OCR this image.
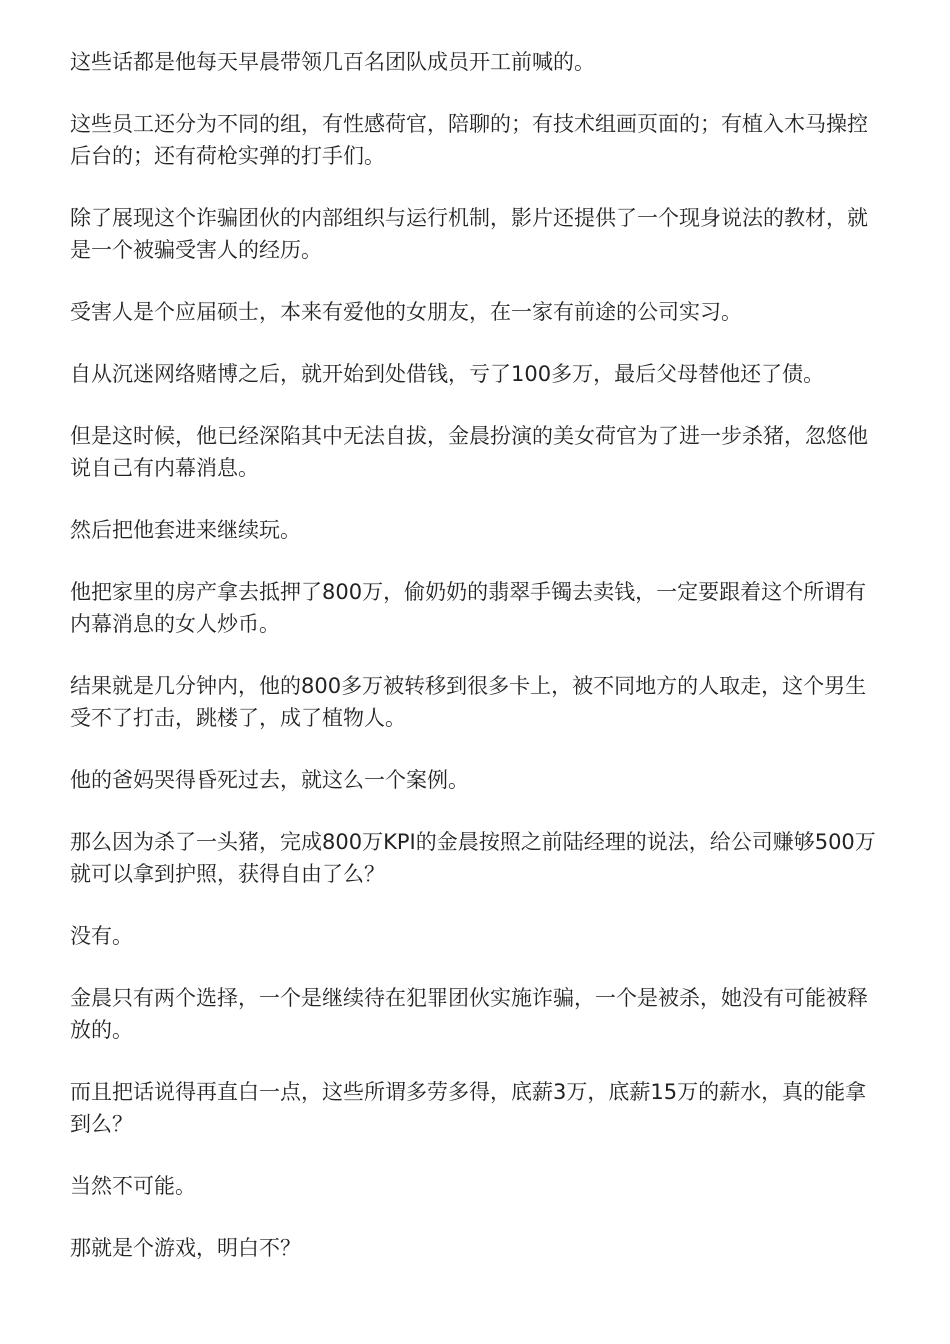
这些话都是他每天早晨带领几百名团队成员开工前喊的。

这些员工还分为不同的组，有性感荷官，陪聊的；有技术组画页面的；有植入木马操控后台的；还有荷枪实弹的打手们。

除了展现这个诈骗团伙的内部组织与运行机制，影片还提供了一个现身说法的教材，就是一个被骗受害人的经历。

受害人是个应届硕士，本来有爱他的女朋友，在一家有前途的公司实习。

自从沉迷网络赌博之后，就开始到处借钱，亏了100多万，最后父母替他还了债。

但是这时候，他已经深陷其中无法自拔，金晨扮演的美女荷官为了进一步杀猪，忽悠他说自己有内幕消息。

然后把他套进来继续玩。

他把家里的房产拿去抵押了800万，偷奶奶的翡翠手镯去卖钱，一定要跟着这个所谓有内幕消息的女人炒币。

结果就是几分钟内，他的800多万被转移到很多卡上，被不同地方的人取走，这个男生受不了打击，跳楼了，成了植物人。

他的爸妈哭得昏死过去，就这么一个案例。

那么因为杀了一头猪，完成800万KPI的金晨按照之前陆经理的说法，给公司赚够500万就可以拿到护照，获得自由了么？

没有。

金晨只有两个选择，一个是继续待在犯罪团伙实施诈骗，一个是被杀，她没有可能被释放的。

而且把话说得再直白一点，这些所谓多劳多得，底薪3万，底薪15万的薪水，真的能拿到么？

当然不可能。

那就是个游戏，明白不？
